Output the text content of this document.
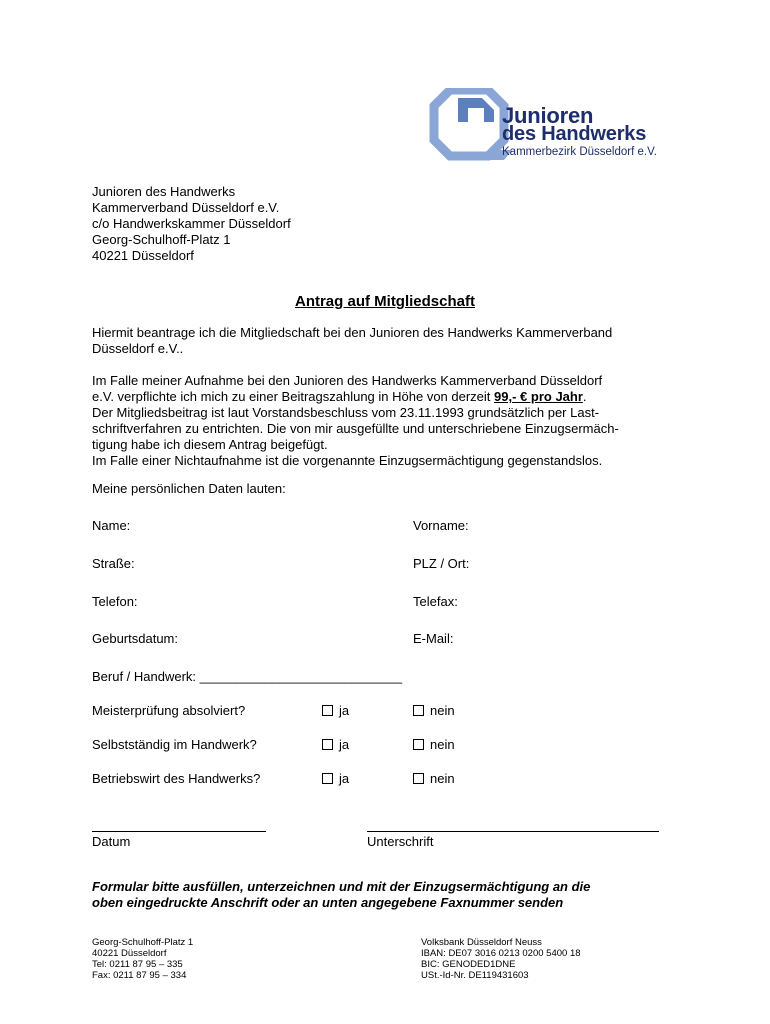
Junioren
des Handwerks
Kammerbezirk Düsseldorf e.V.
Junioren des Handwerks
Kammerverband Düsseldorf e.V.
c/o Handwerkskammer Düsseldorf
Georg-Schulhoff-Platz 1
40221 Düsseldorf
Antrag auf Mitgliedschaft

Hiermit beantrage ich die Mitgliedschaft bei den Junioren des Handwerks Kammerverband

Düsseldorf e.V..

Im Falle meiner Aufnahme bei den Junioren des Handwerks Kammerverband Düsseldorf

e.V. verpflichte ich mich zu einer Beitragszahlung in Höhe von derzeit 99,- € pro Jahr.

Der Mitgliedsbeitrag ist laut Vorstandsbeschluss vom 23.11.1993 grundsätzlich per Last-

schriftverfahren zu entrichten. Die von mir ausgefüllte und unterschriebene Einzugsermäch-

tigung habe ich diesem Antrag beigefügt.

Im Falle einer Nichtaufnahme ist die vorgenannte Einzugsermächtigung gegenstandslos.

Meine persönlichen Daten lauten:
Name:	Vorname:
Straße:	PLZ / Ort:
Telefon:	Telefax:
Geburtsdatum:	E-Mail:
Beruf / Handwerk: ____________________________
Meisterprüfung absolviert?	ja	nein
Selbstständig im Handwerk?	ja	nein
Betriebswirt des Handwerks?	ja	nein
Datum	Unterschrift
Formular bitte ausfüllen, unterzeichnen und mit der Einzugsermächtigung an die
oben eingedruckte Anschrift oder an unten angegebene Faxnummer senden
Georg-Schulhoff-Platz 1
40221 Düsseldorf
Tel: 0211 87 95 – 335
Fax: 0211 87 95 – 334
Volksbank Düsseldorf Neuss
IBAN: DE07 3016 0213 0200 5400 18
BIC: GENODED1DNE
USt.-Id-Nr. DE119431603
